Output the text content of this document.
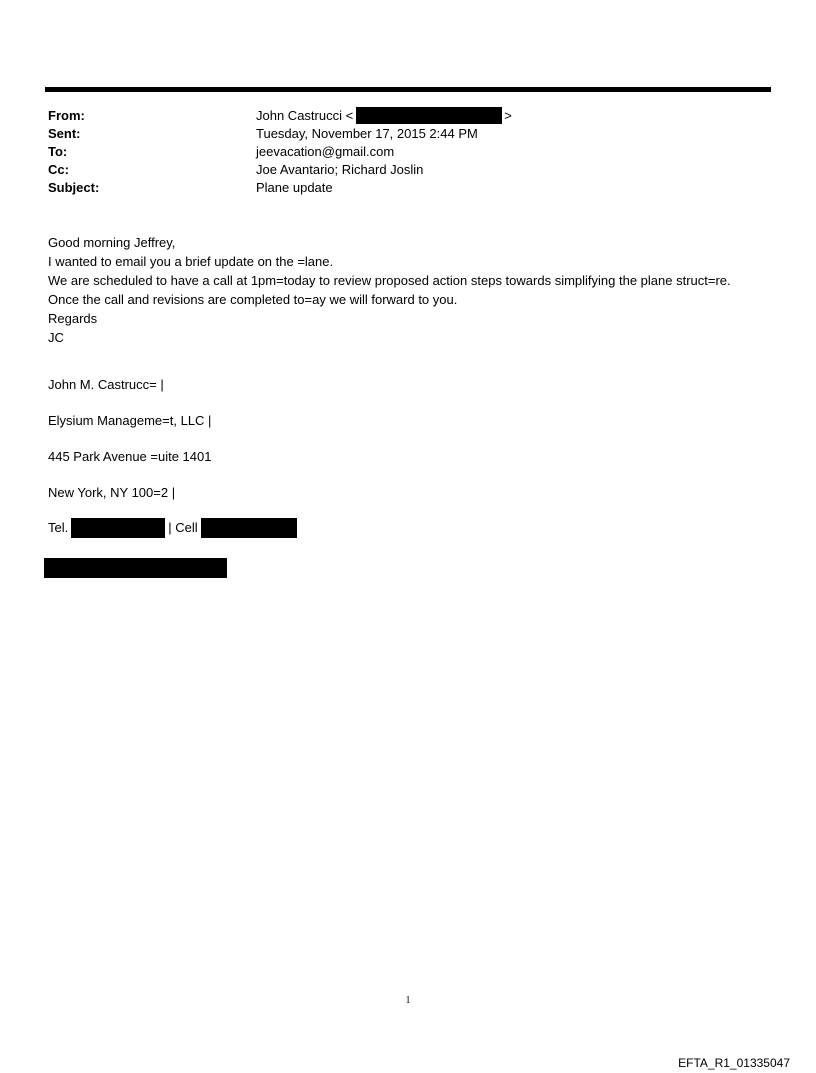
From:	John Castrucci <	>
Sent:	Tuesday, November 17, 2015 2:44 PM
To:	jeevacation@gmail.com
Cc:	Joe Avantario; Richard Joslin
Subject:	Plane update
Good morning Jeffrey,
I wanted to email you a brief update on the =lane.
We are scheduled to have a call at 1pm=today to review proposed action steps towards simplifying the plane struct=re.
Once the call and revisions are completed to=ay we will forward to you.
Regards
JC
John M. Castrucc= |
Elysium Manageme=t, LLC |
445 Park Avenue =uite 1401
New York, NY 100=2 |
Tel.	| Cell
1
EFTA_R1_01335047
